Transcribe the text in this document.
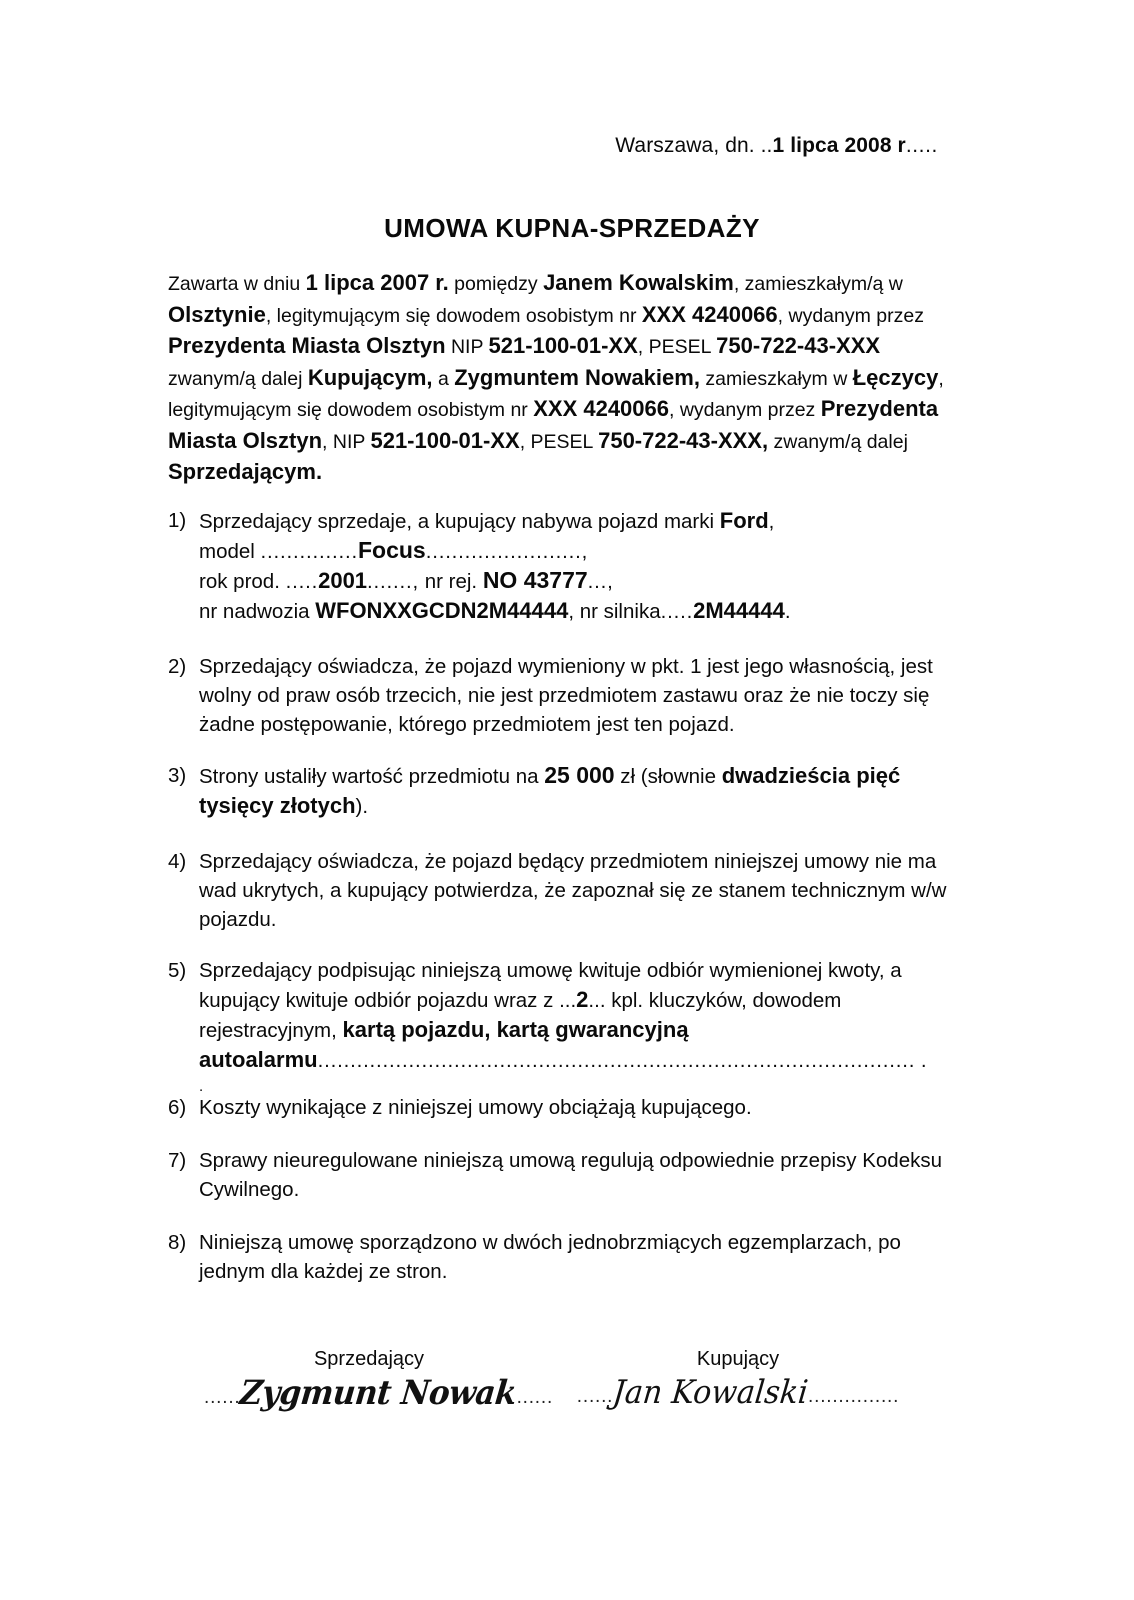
Warszawa, dn. ..1 lipca 2008 r.....
UMOWA KUPNA-SPRZEDAŻY

Zawarta w dniu 1 lipca 2007 r. pomiędzy Janem Kowalskim, zamieszkałym/ą w Olsztynie, legitymującym się dowodem osobistym nr XXX 4240066, wydanym przez Prezydenta Miasta Olsztyn NIP 521-100-01-XX, PESEL 750-722-43-XXX zwanym/ą dalej Kupującym, a Zygmuntem Nowakiem, zamieszkałym w Łęczycy, legitymującym się dowodem osobistym nr XXX 4240066, wydanym przez Prezydenta Miasta Olsztyn, NIP 521-100-01-XX, PESEL 750-722-43-XXX, zwanym/ą dalej Sprzedającym.

1) Sprzedający sprzedaje, a kupujący nabywa pojazd marki Ford,
model ...............Focus........................,
rok prod. .....2001......., nr rej. NO 43777...,
nr nadwozia WFONXXGCDN2M44444, nr silnika.....2M44444.
2) Sprzedający oświadcza, że pojazd wymieniony w pkt. 1 jest jego własnością, jest wolny od praw osób trzecich, nie jest przedmiotem zastawu oraz że nie toczy się żadne postępowanie, którego przedmiotem jest ten pojazd.
3) Strony ustaliły wartość przedmiotu na 25 000 zł (słownie dwadzieścia pięć tysięcy złotych).
4) Sprzedający oświadcza, że pojazd będący przedmiotem niniejszej umowy nie ma wad ukrytych, a kupujący potwierdza, że zapoznał się ze stanem technicznym w/w pojazdu.
5) Sprzedający podpisując niniejszą umowę kwituje odbiór wymienionej kwoty, a kupujący kwituje odbiór pojazdu wraz z ...2... kpl. kluczyków, dowodem rejestracyjnym, kartą pojazdu, kartą gwarancyjną autoalarmu............................................................................................ .
.
6) Koszty wynikające z niniejszej umowy obciążają kupującego.
7) Sprawy nieuregulowane niniejszą umową regulują odpowiednie przepisy Kodeksu Cywilnego.
8) Niniejszą umowę sporządzono w dwóch jednobrzmiących egzemplarzach, po jednym dla każdej ze stron.
Sprzedający
......Zygmunt Nowak......
Kupujący
......Jan Kowalski...............
